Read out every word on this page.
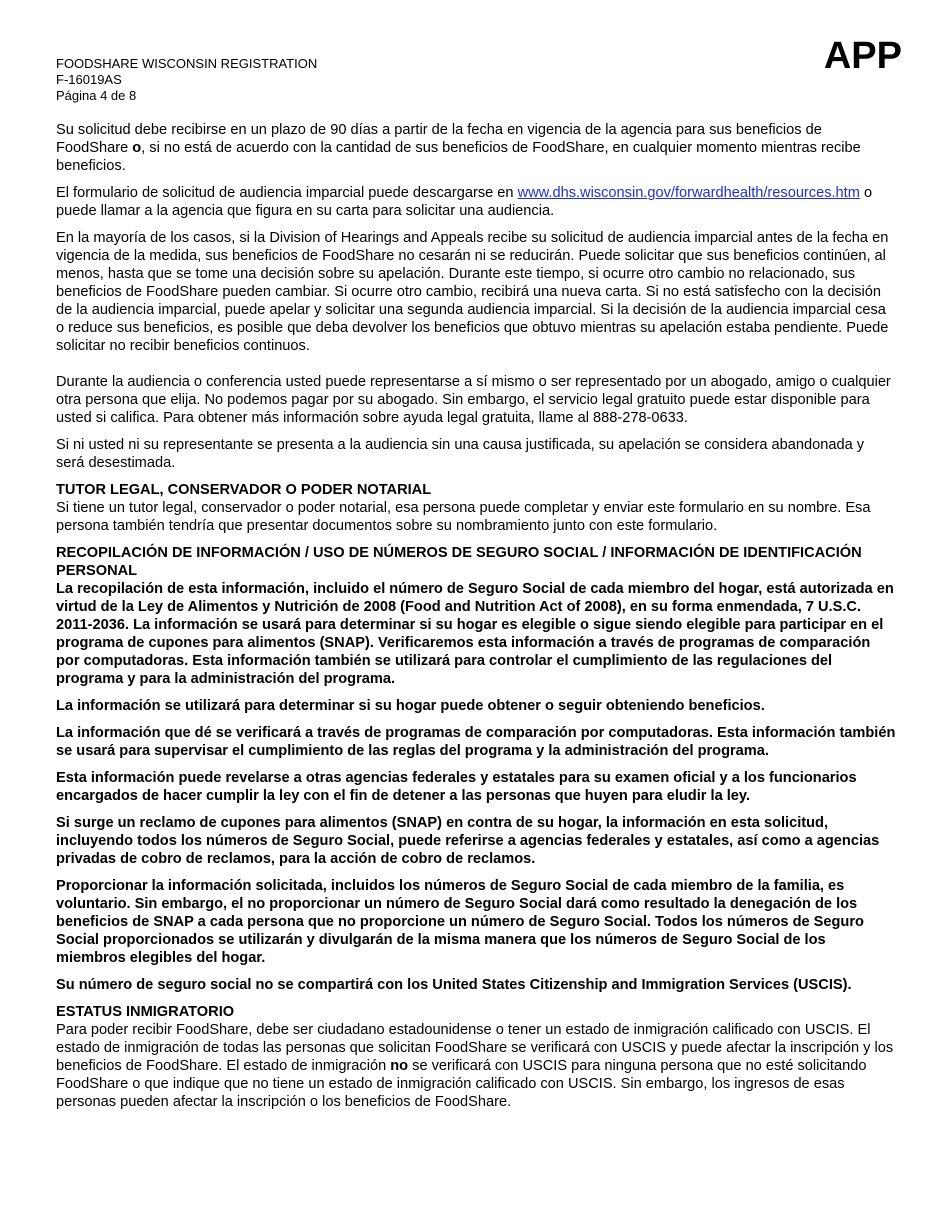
FOODSHARE WISCONSIN REGISTRATION
F-16019AS
Página 4 de 8
APP

Su solicitud debe recibirse en un plazo de 90 días a partir de la fecha en vigencia de la agencia para sus beneficios de FoodShare o, si no está de acuerdo con la cantidad de sus beneficios de FoodShare, en cualquier momento mientras recibe beneficios.

El formulario de solicitud de audiencia imparcial puede descargarse en www.dhs.wisconsin.gov/forwardhealth/resources.htm o puede llamar a la agencia que figura en su carta para solicitar una audiencia.

En la mayoría de los casos, si la Division of Hearings and Appeals recibe su solicitud de audiencia imparcial antes de la fecha en vigencia de la medida, sus beneficios de FoodShare no cesarán ni se reducirán. Puede solicitar que sus beneficios continúen, al menos, hasta que se tome una decisión sobre su apelación. Durante este tiempo, si ocurre otro cambio no relacionado, sus beneficios de FoodShare pueden cambiar. Si ocurre otro cambio, recibirá una nueva carta. Si no está satisfecho con la decisión de la audiencia imparcial, puede apelar y solicitar una segunda audiencia imparcial. Si la decisión de la audiencia imparcial cesa o reduce sus beneficios, es posible que deba devolver los beneficios que obtuvo mientras su apelación estaba pendiente. Puede solicitar no recibir beneficios continuos.

Durante la audiencia o conferencia usted puede representarse a sí mismo o ser representado por un abogado, amigo o cualquier otra persona que elija. No podemos pagar por su abogado. Sin embargo, el servicio legal gratuito puede estar disponible para usted si califica. Para obtener más información sobre ayuda legal gratuita, llame al 888-278-0633.

Si ni usted ni su representante se presenta a la audiencia sin una causa justificada, su apelación se considera abandonada y será desestimada.

TUTOR LEGAL, CONSERVADOR O PODER NOTARIAL
Si tiene un tutor legal, conservador o poder notarial, esa persona puede completar y enviar este formulario en su nombre. Esa persona también tendría que presentar documentos sobre su nombramiento junto con este formulario.
RECOPILACIÓN DE INFORMACIÓN / USO DE NÚMEROS DE SEGURO SOCIAL / INFORMACIÓN DE IDENTIFICACIÓN PERSONAL
La recopilación de esta información, incluido el número de Seguro Social de cada miembro del hogar, está autorizada en virtud de la Ley de Alimentos y Nutrición de 2008 (Food and Nutrition Act of 2008), en su forma enmendada, 7 U.S.C. 2011-2036. La información se usará para determinar si su hogar es elegible o sigue siendo elegible para participar en el programa de cupones para alimentos (SNAP). Verificaremos esta información a través de programas de comparación por computadoras. Esta información también se utilizará para controlar el cumplimiento de las regulaciones del programa y para la administración del programa.

La información se utilizará para determinar si su hogar puede obtener o seguir obteniendo beneficios.

La información que dé se verificará a través de programas de comparación por computadoras. Esta información también se usará para supervisar el cumplimiento de las reglas del programa y la administración del programa.

Esta información puede revelarse a otras agencias federales y estatales para su examen oficial y a los funcionarios encargados de hacer cumplir la ley con el fin de detener a las personas que huyen para eludir la ley.

Si surge un reclamo de cupones para alimentos (SNAP) en contra de su hogar, la información en esta solicitud, incluyendo todos los números de Seguro Social, puede referirse a agencias federales y estatales, así como a agencias privadas de cobro de reclamos, para la acción de cobro de reclamos.

Proporcionar la información solicitada, incluidos los números de Seguro Social de cada miembro de la familia, es voluntario. Sin embargo, el no proporcionar un número de Seguro Social dará como resultado la denegación de los beneficios de SNAP a cada persona que no proporcione un número de Seguro Social. Todos los números de Seguro Social proporcionados se utilizarán y divulgarán de la misma manera que los números de Seguro Social de los miembros elegibles del hogar.

Su número de seguro social no se compartirá con los United States Citizenship and Immigration Services (USCIS).

ESTATUS INMIGRATORIO
Para poder recibir FoodShare, debe ser ciudadano estadounidense o tener un estado de inmigración calificado con USCIS. El estado de inmigración de todas las personas que solicitan FoodShare se verificará con USCIS y puede afectar la inscripción y los beneficios de FoodShare. El estado de inmigración no se verificará con USCIS para ninguna persona que no esté solicitando FoodShare o que indique que no tiene un estado de inmigración calificado con USCIS. Sin embargo, los ingresos de esas personas pueden afectar la inscripción o los beneficios de FoodShare.
